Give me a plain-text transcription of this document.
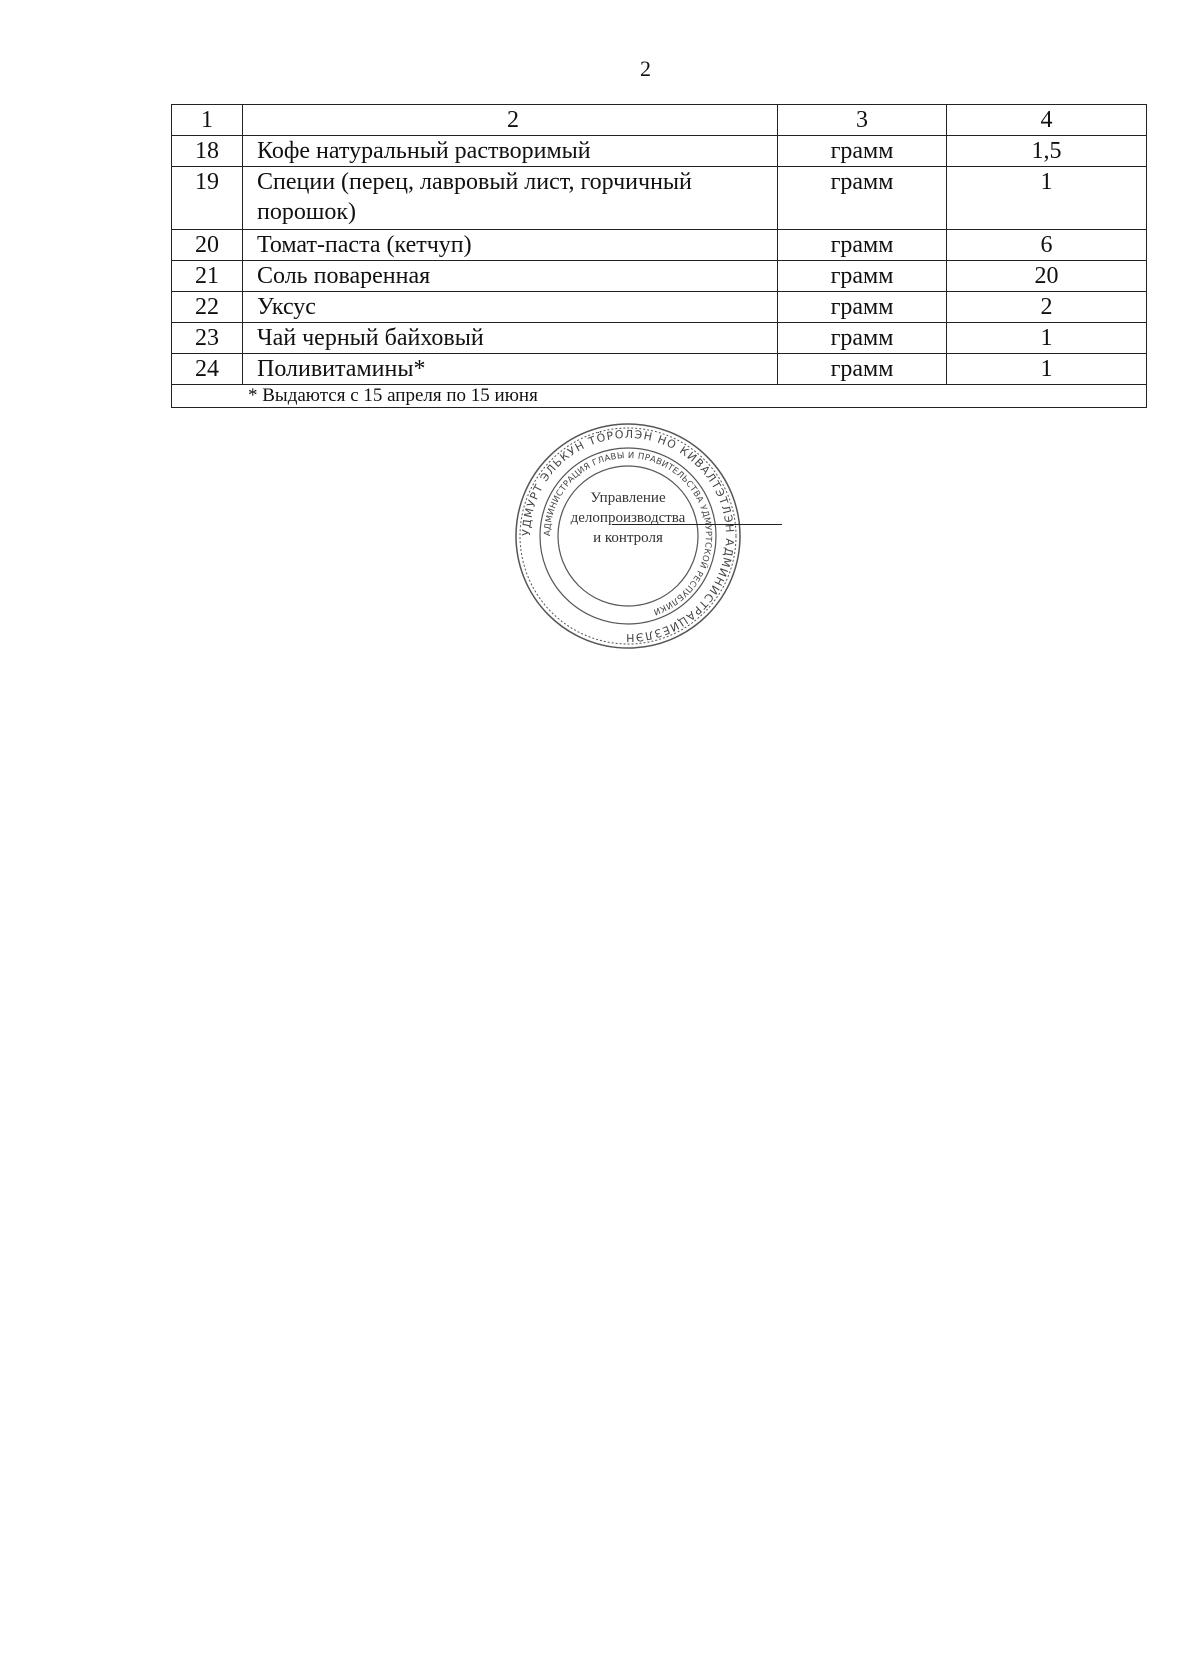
2
1	2	3	4
18	Кофе натуральный растворимый	грамм	1,5
19	Специи (перец, лавровый лист, горчичный порошок)	грамм	1
20	Томат-паста (кетчуп)	грамм	6
21	Соль поваренная	грамм	20
22	Уксус	грамм	2
23	Чай черный байховый	грамм	1
24	Поливитамины*	грамм	1
* Выдаются с 15 апреля по 15 июня			
УДМУРТ ЭЛЬКУН ТӦРОЛЭН НО КИВАЛТЭТЛЭН АДМИНИСТРАЦИЕЗЛЭН
АДМИНИСТРАЦИЯ ГЛАВЫ И ПРАВИТЕЛЬСТВА УДМУРТСКОЙ РЕСПУБЛИКИ
Управление
делопроизводства
и контроля
